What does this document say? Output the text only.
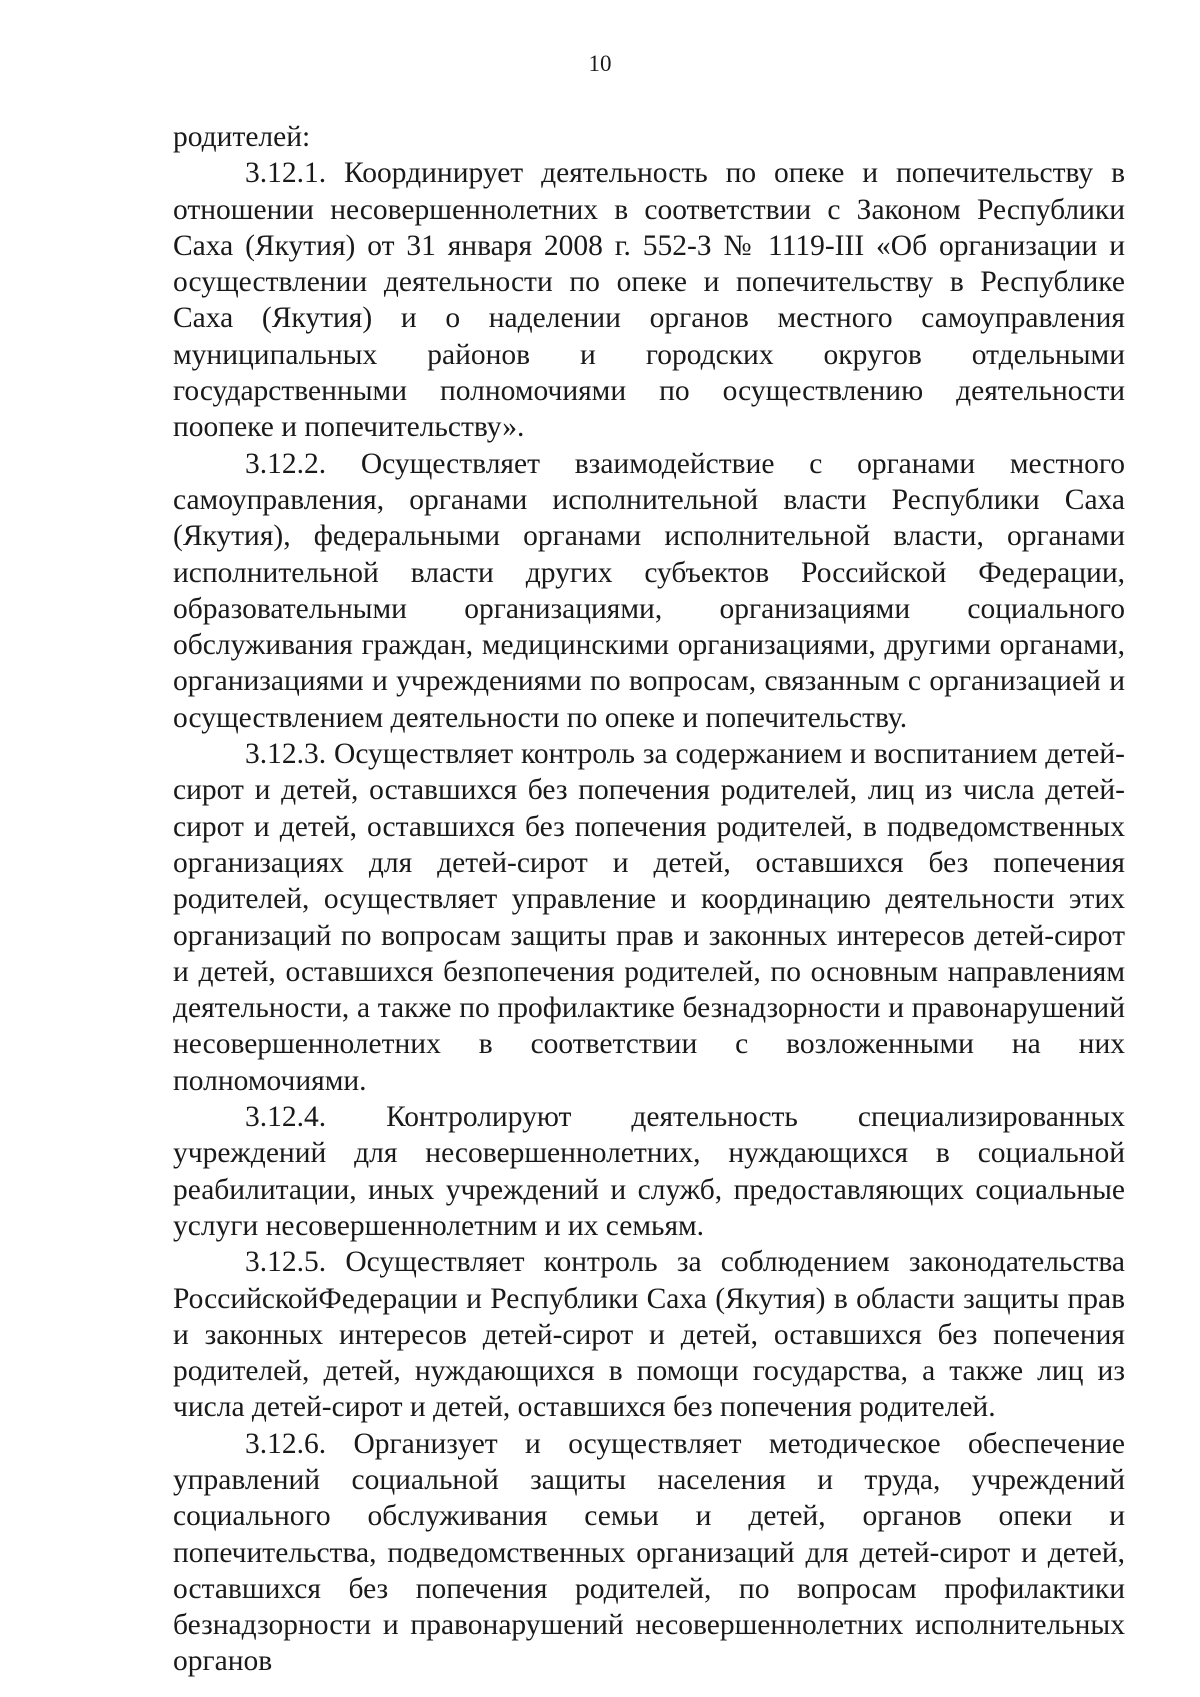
10

родителей:

3.12.1. Координирует деятельность по опеке и попечительству в отношении несовершеннолетних в соответствии с Законом Республики Саха (Якутия) от 31 января 2008 г. 552-З № 1119-III «Об организации и осуществлении деятельности по опеке и попечительству в Республике Саха (Якутия) и о наделении органов местного самоуправления муниципальных районов и городских округов отдельными государственными полномочиями по осуществлению деятельности поопеке и попечительству».

3.12.2. Осуществляет взаимодействие с органами местного самоуправления, органами исполнительной власти Республики Саха (Якутия), федеральными органами исполнительной власти, органами исполнительной власти других субъектов Российской Федерации, образовательными организациями, организациями социального обслуживания граждан, медицинскими организациями, другими органами, организациями и учреждениями по вопросам, связанным с организацией и осуществлением деятельности по опеке и попечительству.

3.12.3. Осуществляет контроль за содержанием и воспитанием детей-сирот и детей, оставшихся без попечения родителей, лиц из числа детей-сирот и детей, оставшихся без попечения родителей, в подведомственных организациях для детей-сирот и детей, оставшихся без попечения родителей, осуществляет управление и координацию деятельности этих организаций по вопросам защиты прав и законных интересов детей-сирот и детей, оставшихся безпопечения родителей, по основным направлениям деятельности, а также по профилактике безнадзорности и правонарушений несовершеннолетних в соответствии с возложенными на них полномочиями.

3.12.4. Контролируют деятельность специализированных учреждений для несовершеннолетних, нуждающихся в социальной реабилитации, иных учреждений и служб, предоставляющих социальные услуги несовершеннолетним и их семьям.

3.12.5. Осуществляет контроль за соблюдением законодательства РоссийскойФедерации и Республики Саха (Якутия) в области защиты прав и законных интересов детей-сирот и детей, оставшихся без попечения родителей, детей, нуждающихся в помощи государства, а также лиц из числа детей-сирот и детей, оставшихся без попечения родителей.

3.12.6. Организует и осуществляет методическое обеспечение управлений социальной защиты населения и труда, учреждений социального обслуживания семьи и детей, органов опеки и попечительства, подведомственных организаций для детей-сирот и детей, оставшихся без попечения родителей, по вопросам профилактики безнадзорности и правонарушений несовершеннолетних исполнительных органов
